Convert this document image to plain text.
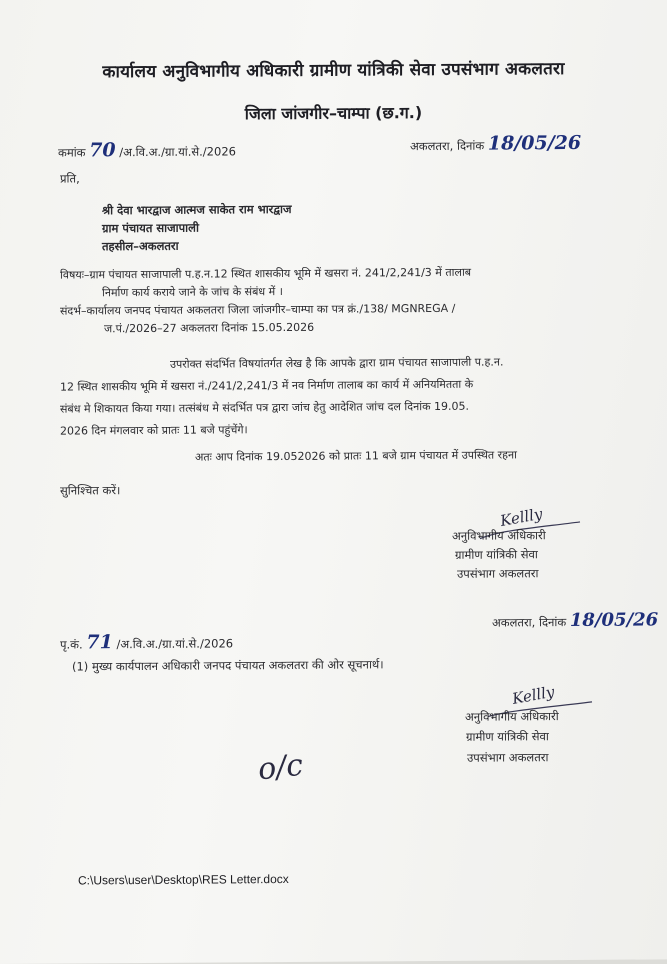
कार्यालय अनुविभागीय अधिकारी ग्रामीण यांत्रिकी सेवा उपसंभाग अकलतरा
जिला जांजगीर–चाम्पा (छ.ग.)
कमांक 70 /अ.वि.अ./ग्रा.यां.से./2026	अकलतरा, दिनांक 18/05/26
प्रति,
श्री देवा भारद्वाज आत्मज साकेत राम भारद्वाज
ग्राम पंचायत साजापाली
तहसील–अकलतरा
विषयः–ग्राम पंचायत साजापाली प.ह.न.12 स्थित शासकीय भूमि में खसरा नं. 241/2,241/3 में तालाब
निर्माण कार्य कराये जाने के जांच के संबंध में ।
संदर्भ–कार्यालय जनपद पंचायत अकलतरा जिला जांजगीर–चाम्पा का पत्र क्रं./138/ MGNREGA /
ज.पं./2026–27 अकलतरा दिनांक 15.05.2026
उपरोक्त संदर्भित विषयांतर्गत लेख है कि आपके द्वारा ग्राम पंचायत साजापाली प.ह.न.
12 स्थित शासकीय भूमि में खसरा नं./241/2,241/3 में नव निर्माण तालाब का कार्य में अनियमितता के
संबंध मे शिकायत किया गया। तत्संबंध मे संदर्भित पत्र द्वारा जांच हेतु आदेशित जांच दल दिनांक 19.05.
2026 दिन मंगलवार को प्रातः 11 बजे पहुंचेंगे।
अतः आप दिनांक 19.052026 को प्रातः 11 बजे ग्राम पंचायत में उपस्थित रहना
सुनिश्चित करें।
Kellly
अनुविभागीय अधिकारी
ग्रामीण यांत्रिकी सेवा
उपसंभाग अकलतरा
अकलतरा, दिनांक 18/05/26
पृ.कं. 71 /अ.वि.अ./ग्रा.यां.से./2026
(1) मुख्य कार्यपालन अधिकारी जनपद पंचायत अकलतरा की ओर सूचनार्थ।
Kellly
अनुविभागीय अधिकारी
ग्रामीण यांत्रिकी सेवा
उपसंभाग अकलतरा
o/c
C:\Users\user\Desktop\RES Letter.docx
